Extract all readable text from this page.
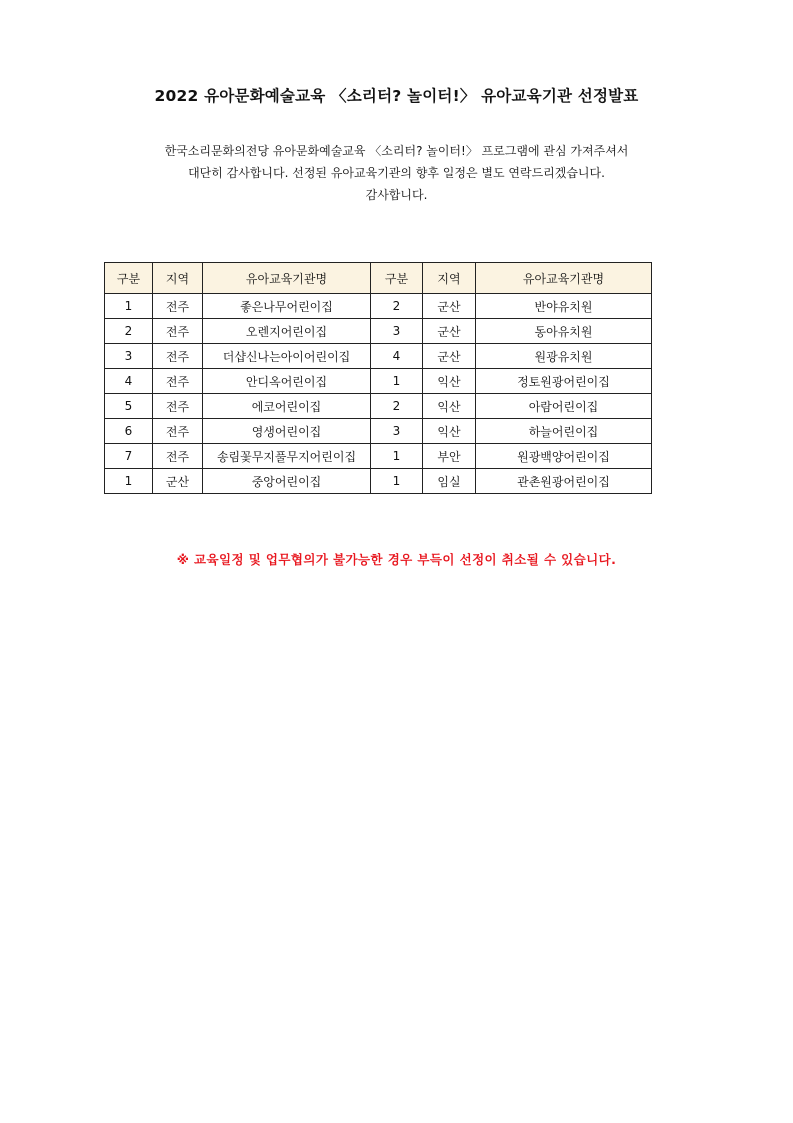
2022 유아문화예술교육 〈소리터? 놀이터!〉 유아교육기관 선정발표
한국소리문화의전당 유아문화예술교육 〈소리터? 놀이터!〉 프로그램에 관심 가져주셔서
대단히 감사합니다. 선정된 유아교육기관의 향후 일정은 별도 연락드리겠습니다.
감사합니다.
구분	지역	유아교육기관명	구분	지역	유아교육기관명
1	전주	좋은나무어린이집	2	군산	반야유치원
2	전주	오렌지어린이집	3	군산	동아유치원
3	전주	더샵신나는아이어린이집	4	군산	원광유치원
4	전주	안디옥어린이집	1	익산	정토원광어린이집
5	전주	에코어린이집	2	익산	아람어린이집
6	전주	영생어린이집	3	익산	하늘어린이집
7	전주	송림꽃무지풀무지어린이집	1	부안	원광백양어린이집
1	군산	중앙어린이집	1	임실	관촌원광어린이집
※ 교육일정 및 업무협의가 불가능한 경우 부득이 선정이 취소될 수 있습니다.
